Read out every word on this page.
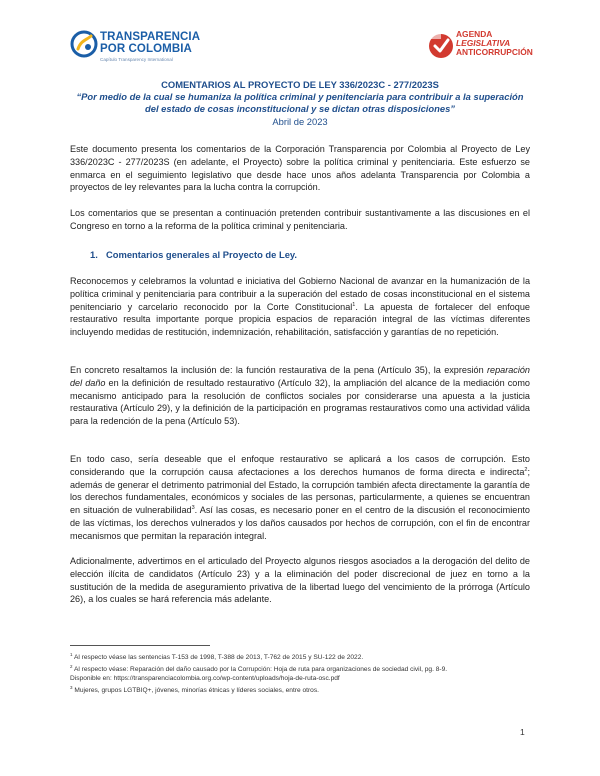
TRANSPARENCIA
POR COLOMBIA
Capítulo Transparency International
AGENDA
LEGISLATIVA
ANTICORRUPCIÓN
COMENTARIOS AL PROYECTO DE LEY 336/2023C - 277/2023S
“Por medio de la cual se humaniza la política criminal y penitenciaria para contribuir a la superación
del estado de cosas inconstitucional y se dictan otras disposiciones”
Abril de 2023
Este documento presenta los comentarios de la Corporación Transparencia por Colombia al Proyecto de Ley 336/2023C - 277/2023S (en adelante, el Proyecto) sobre la política criminal y penitenciaria. Este esfuerzo se enmarca en el seguimiento legislativo que desde hace unos años adelanta Transparencia por Colombia a proyectos de ley relevantes para la lucha contra la corrupción.
Los comentarios que se presentan a continuación pretenden contribuir sustantivamente a las discusiones en el Congreso en torno a la reforma de la política criminal y penitenciaria.
1. Comentarios generales al Proyecto de Ley.
Reconocemos y celebramos la voluntad e iniciativa del Gobierno Nacional de avanzar en la humanización de la política criminal y penitenciaria para contribuir a la superación del estado de cosas inconstitucional en el sistema penitenciario y carcelario reconocido por la Corte Constitucional$^1$. La apuesta de fortalecer del enfoque restaurativo resulta importante porque propicia espacios de reparación integral de las víctimas diferentes incluyendo medidas de restitución, indemnización, rehabilitación, satisfacción y garantías de no repetición.
En concreto resaltamos la inclusión de: la función restaurativa de la pena (Artículo 35), la expresión reparación del daño en la definición de resultado restaurativo (Artículo 32), la ampliación del alcance de la mediación como mecanismo anticipado para la resolución de conflictos sociales por considerarse una apuesta a la justicia restaurativa (Artículo 29), y la definición de la participación en programas restaurativos como una actividad válida para la redención de la pena (Artículo 53).
En todo caso, sería deseable que el enfoque restaurativo se aplicará a los casos de corrupción. Esto considerando que la corrupción causa afectaciones a los derechos humanos de forma directa e indirecta$^2$; además de generar el detrimento patrimonial del Estado, la corrupción también afecta directamente la garantía de los derechos fundamentales, económicos y sociales de las personas, particularmente, a quienes se encuentran en situación de vulnerabilidad$^3$. Así las cosas, es necesario poner en el centro de la discusión el reconocimiento de las víctimas, los derechos vulnerados y los daños causados por hechos de corrupción, con el fin de encontrar mecanismos que permitan la reparación integral.
Adicionalmente, advertimos en el articulado del Proyecto algunos riesgos asociados a la derogación del delito de elección ilícita de candidatos (Artículo 23) y a la eliminación del poder discrecional de juez en torno a la sustitución de la medida de aseguramiento privativa de la libertad luego del vencimiento de la prórroga (Artículo 26), a los cuales se hará referencia más adelante.
$^1$ Al respecto véase las sentencias T-153 de 1998, T-388 de 2013, T-762 de 2015 y SU-122 de 2022.
$^2$ Al respecto véase: Reparación del daño causado por la Corrupción: Hoja de ruta para organizaciones de sociedad civil, pg. 8-9.
Disponible en: https://transparenciacolombia.org.co/wp-content/uploads/hoja-de-ruta-osc.pdf
$^3$ Mujeres, grupos LGTBIQ+, jóvenes, minorías étnicas y líderes sociales, entre otros.
1
